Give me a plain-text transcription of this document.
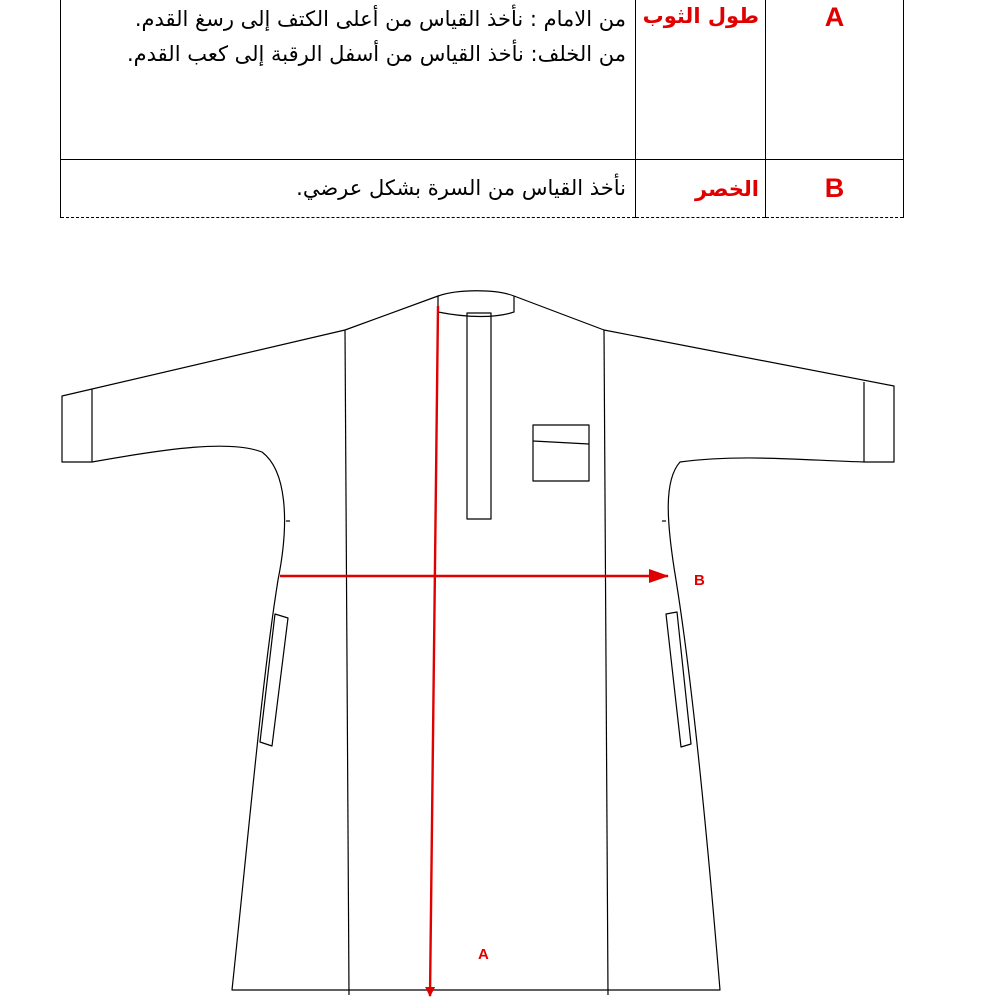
من الامام : نأخذ القياس من أعلى الكتف إلى رسغ القدم.

من الخلف: نأخذ القياس من أسفل الرقبة إلى كعب القدم.	طول الثوب	A

نأخذ القياس من السرة بشكل عرضي.	الخصر	B
A
B
